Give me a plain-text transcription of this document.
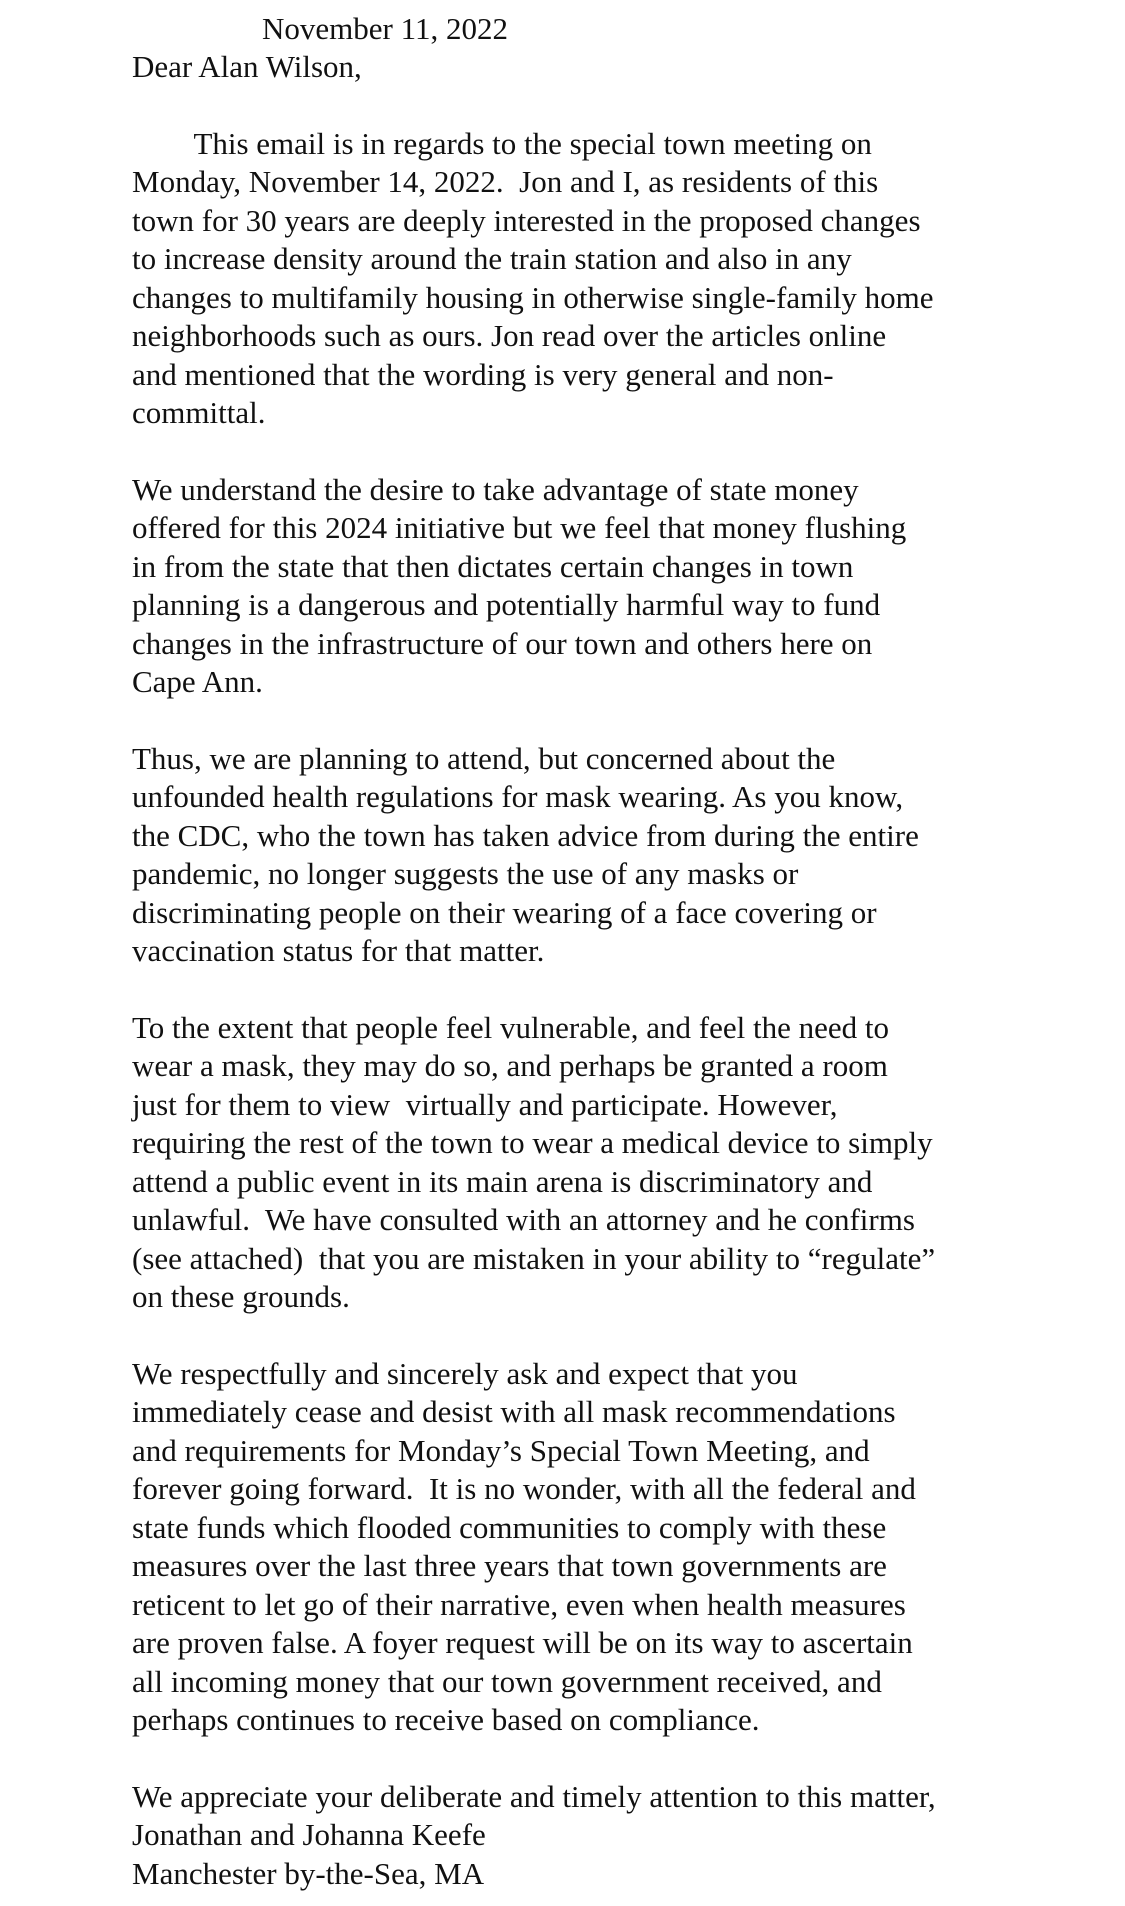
November 11, 2022
Dear Alan Wilson,
This email is in regards to the special town meeting on
Monday, November 14, 2022.  Jon and I, as residents of this
town for 30 years are deeply interested in the proposed changes
to increase density around the train station and also in any
changes to multifamily housing in otherwise single-family home
neighborhoods such as ours. Jon read over the articles online
and mentioned that the wording is very general and non-
committal.
We understand the desire to take advantage of state money
offered for this 2024 initiative but we feel that money flushing
in from the state that then dictates certain changes in town
planning is a dangerous and potentially harmful way to fund
changes in the infrastructure of our town and others here on
Cape Ann.
Thus, we are planning to attend, but concerned about the
unfounded health regulations for mask wearing. As you know,
the CDC, who the town has taken advice from during the entire
pandemic, no longer suggests the use of any masks or
discriminating people on their wearing of a face covering or
vaccination status for that matter.
To the extent that people feel vulnerable, and feel the need to
wear a mask, they may do so, and perhaps be granted a room
just for them to view  virtually and participate. However,
requiring the rest of the town to wear a medical device to simply
attend a public event in its main arena is discriminatory and
unlawful.  We have consulted with an attorney and he confirms
(see attached)  that you are mistaken in your ability to “regulate”
on these grounds.
We respectfully and sincerely ask and expect that you
immediately cease and desist with all mask recommendations
and requirements for Monday’s Special Town Meeting, and
forever going forward.  It is no wonder, with all the federal and
state funds which flooded communities to comply with these
measures over the last three years that town governments are
reticent to let go of their narrative, even when health measures
are proven false. A foyer request will be on its way to ascertain
all incoming money that our town government received, and
perhaps continues to receive based on compliance.
We appreciate your deliberate and timely attention to this matter,
Jonathan and Johanna Keefe
Manchester by-the-Sea, MA
